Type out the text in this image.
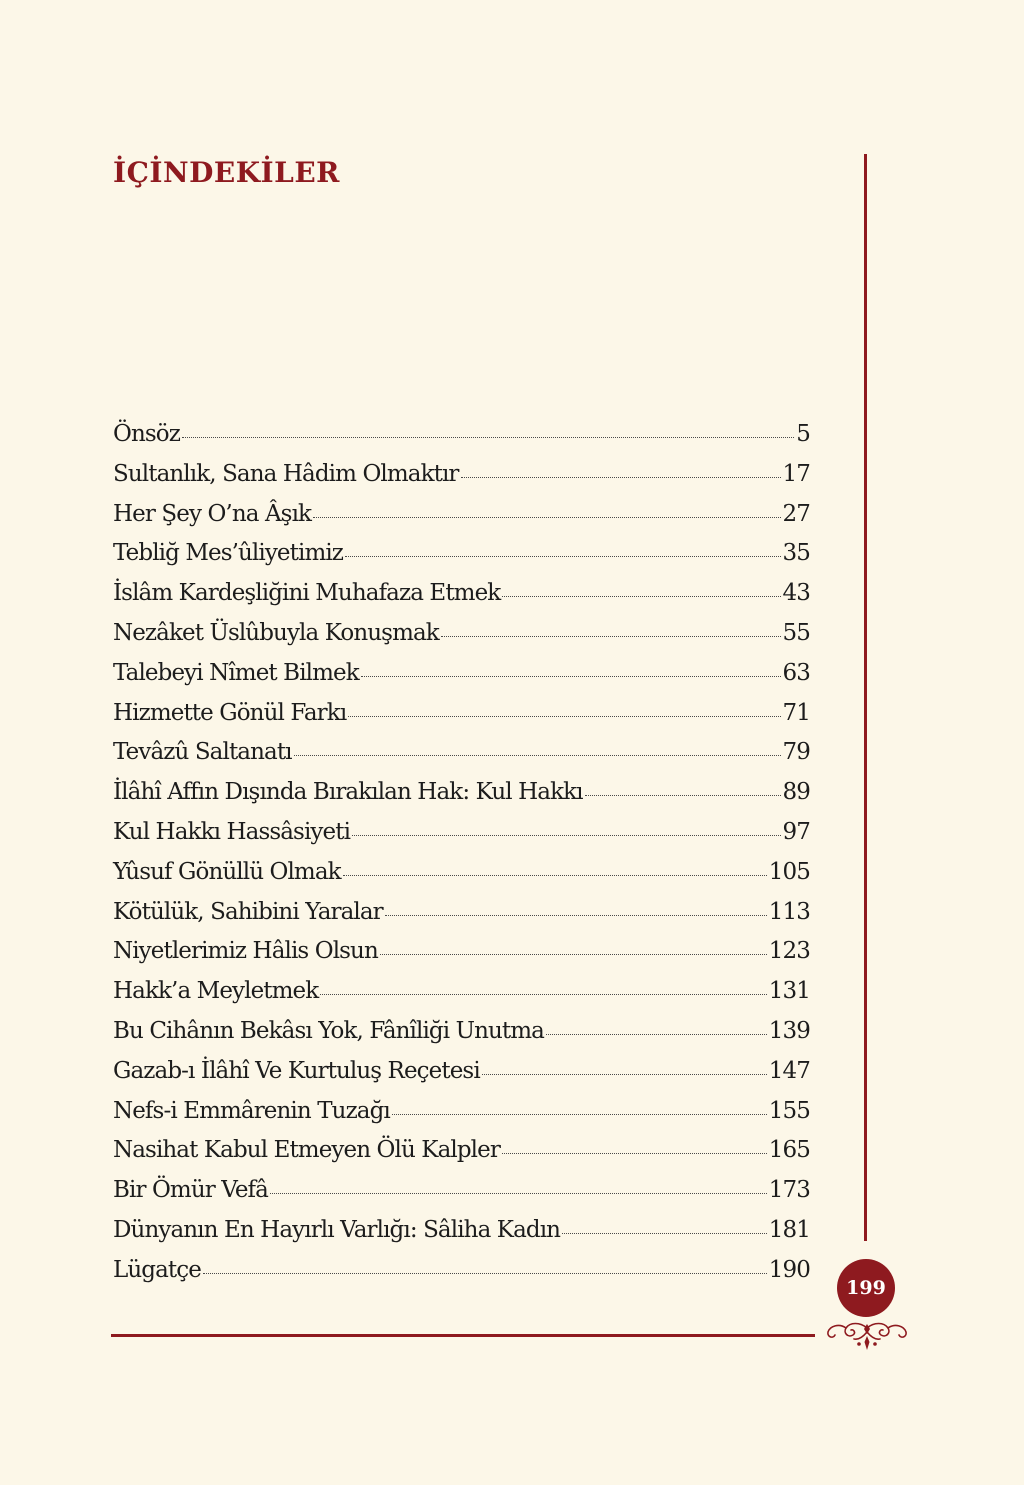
İÇİNDEKİLER
Önsöz	5
Sultanlık, Sana Hâdim Olmaktır	17
Her Şey O’na Âşık	27
Tebliğ Mes’ûliyetimiz	35
İslâm Kardeşliğini Muhafaza Etmek	43
Nezâket Üslûbuyla Konuşmak	55
Talebeyi Nîmet Bilmek	63
Hizmette Gönül Farkı	71
Tevâzû Saltanatı	79
İlâhî Affın Dışında Bırakılan Hak: Kul Hakkı	89
Kul Hakkı Hassâsiyeti	97
Yûsuf Gönüllü Olmak	105
Kötülük, Sahibini Yaralar	113
Niyetlerimiz Hâlis Olsun	123
Hakk’a Meyletmek	131
Bu Cihânın Bekâsı Yok, Fânîliği Unutma	139
Gazab-ı İlâhî Ve Kurtuluş Reçetesi	147
Nefs-i Emmârenin Tuzağı	155
Nasihat Kabul Etmeyen Ölü Kalpler	165
Bir Ömür Vefâ	173
Dünyanın En Hayırlı Varlığı: Sâliha Kadın	181
Lügatçe	190
199
